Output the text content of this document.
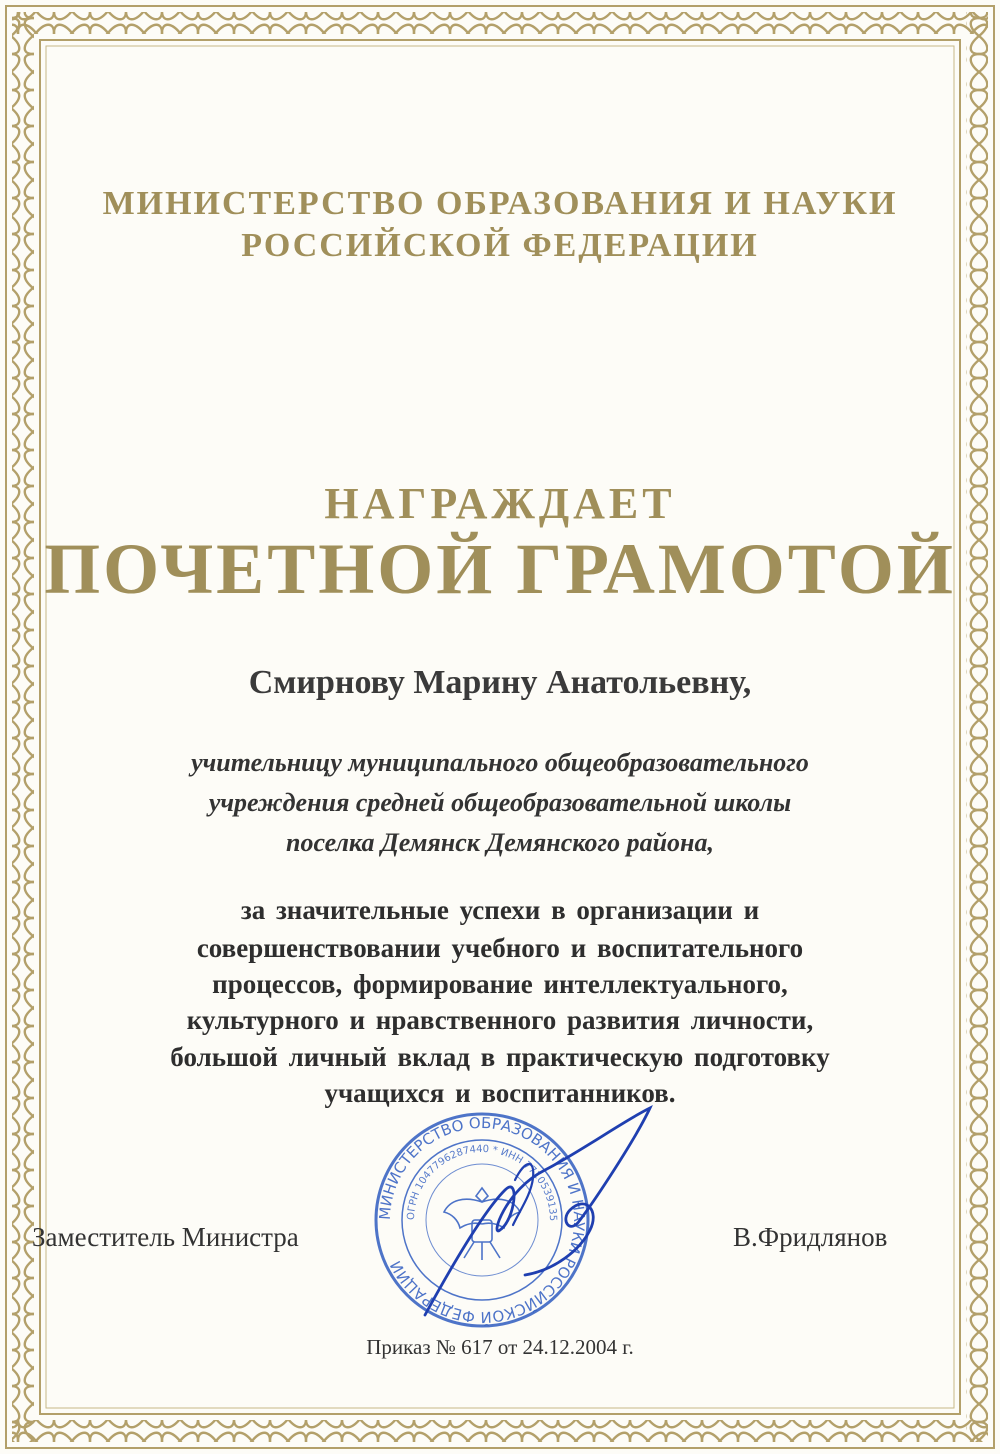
МИНИСТЕРСТВО ОБРАЗОВАНИЯ И НАУКИ
РОССИЙСКОЙ ФЕДЕРАЦИИ
НАГРАЖДАЕТ
ПОЧЕТНОЙ ГРАМОТОЙ
Смирнову Марину Анатольевну,
учительницу муниципального общеобразовательного
учреждения средней общеобразовательной школы
поселка Демянск Демянского района,
за значительные успехи в организации и
совершенствовании учебного и воспитательного
процессов, формирование интеллектуального,
культурного и нравственного развития личности,
большой личный вклад в практическую подготовку
учащихся и воспитанников.
МИНИСТЕРСТВО ОБРАЗОВАНИЯ И НАУКИ РОССИЙСКОЙ ФЕДЕРАЦИИ
ОГРН 1047796287440 * ИНН 7710539135
Заместитель Министра	В.Фридлянов
Приказ № 617 от 24.12.2004 г.
